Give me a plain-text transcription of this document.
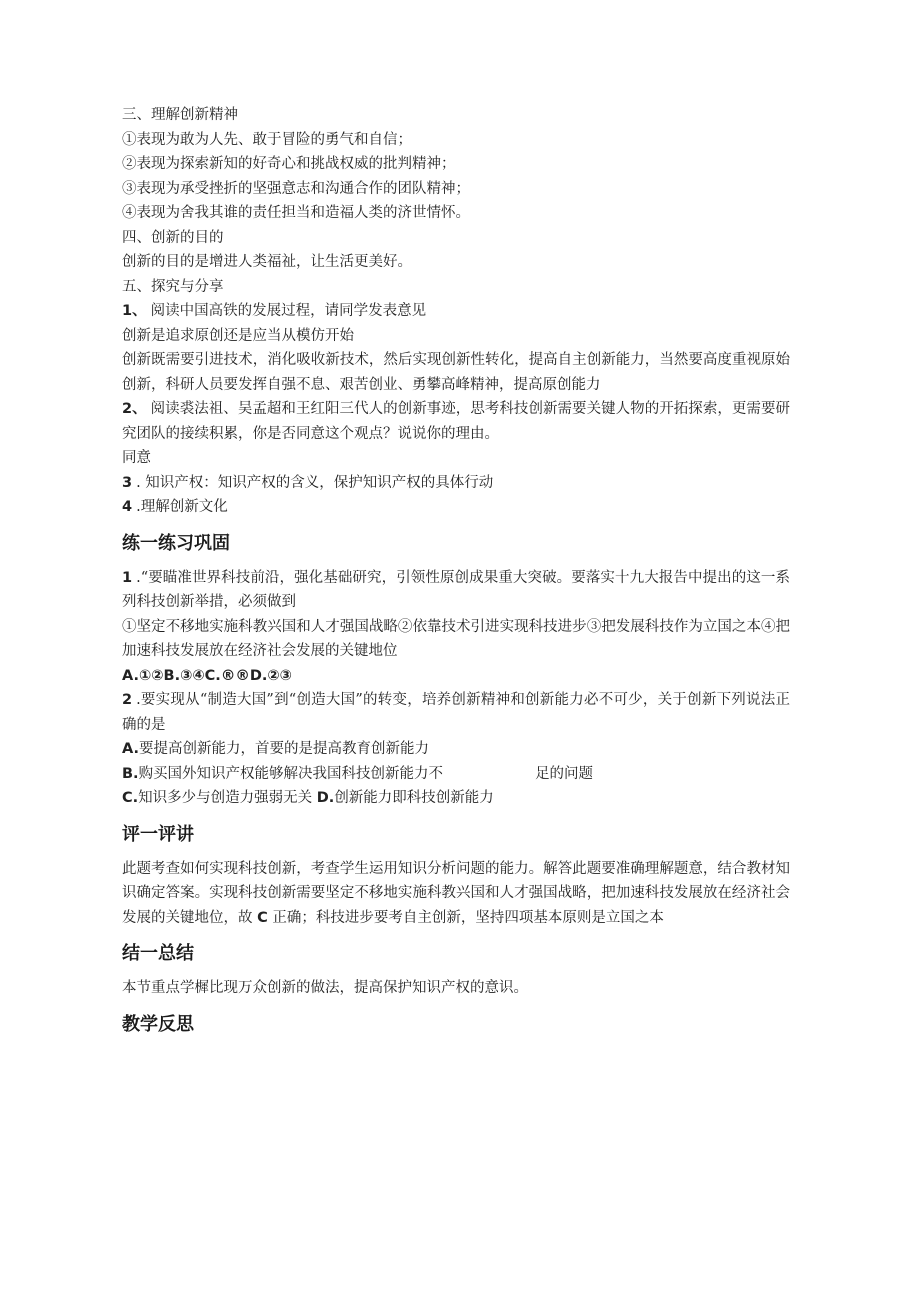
三、理解创新精神

①表现为敢为人先、敢于冒险的勇气和自信；

②表现为探索新知的好奇心和挑战权威的批判精神；

③表现为承受挫折的坚强意志和沟通合作的团队精神；

④表现为舍我其谁的责任担当和造福人类的济世情怀。

四、创新的目的

创新的目的是增进人类福祉，让生活更美好。

五、探究与分享

1、 阅读中国高铁的发展过程，请同学发表意见

创新是追求原创还是应当从模仿开始

创新既需要引进技术，消化吸收新技术，然后实现创新性转化，提高自主创新能力，当然要高度重视原始创新，科研人员要发挥自强不息、艰苦创业、勇攀高峰精神，提高原创能力

2、 阅读裘法祖、吴孟超和王红阳三代人的创新事迹，思考科技创新需要关键人物的开拓探索，更需要研究团队的接续积累，你是否同意这个观点？说说你的理由。

同意

3 . 知识产权：知识产权的含义，保护知识产权的具体行动

4 .理解创新文化

练一练习巩固

1 .“要瞄准世界科技前沿，强化基础研究，引领性原创成果重大突破。要落实十九大报告中提出的这一系列科技创新举措，必须做到

①坚定不移地实施科教兴国和人才强国战略②依靠技术引进实现科技进步③把发展科技作为立国之本④把加速科技发展放在经济社会发展的关键地位

A.①②B.③④C.®®D.②③

2 .要实现从“制造大国”到“创造大国”的转变，培养创新精神和创新能力必不可少，关于创新下列说法正确的是

A.要提高创新能力，首要的是提高教育创新能力

B.购买国外知识产权能够解决我国科技创新能力不	足的问题

C.知识多少与创造力强弱无关 D.创新能力即科技创新能力

评一评讲

此题考查如何实现科技创新，考查学生运用知识分析问题的能力。解答此题要准确理解题意，结合教材知识确定答案。实现科技创新需要坚定不移地实施科教兴国和人才强国战略，把加速科技发展放在经济社会发展的关键地位，故 C 正确；科技进步要考自主创新，坚持四项基本原则是立国之本

结一总结

本节重点学樨比现万众创新的做法，提高保护知识产权的意识。

教学反思
